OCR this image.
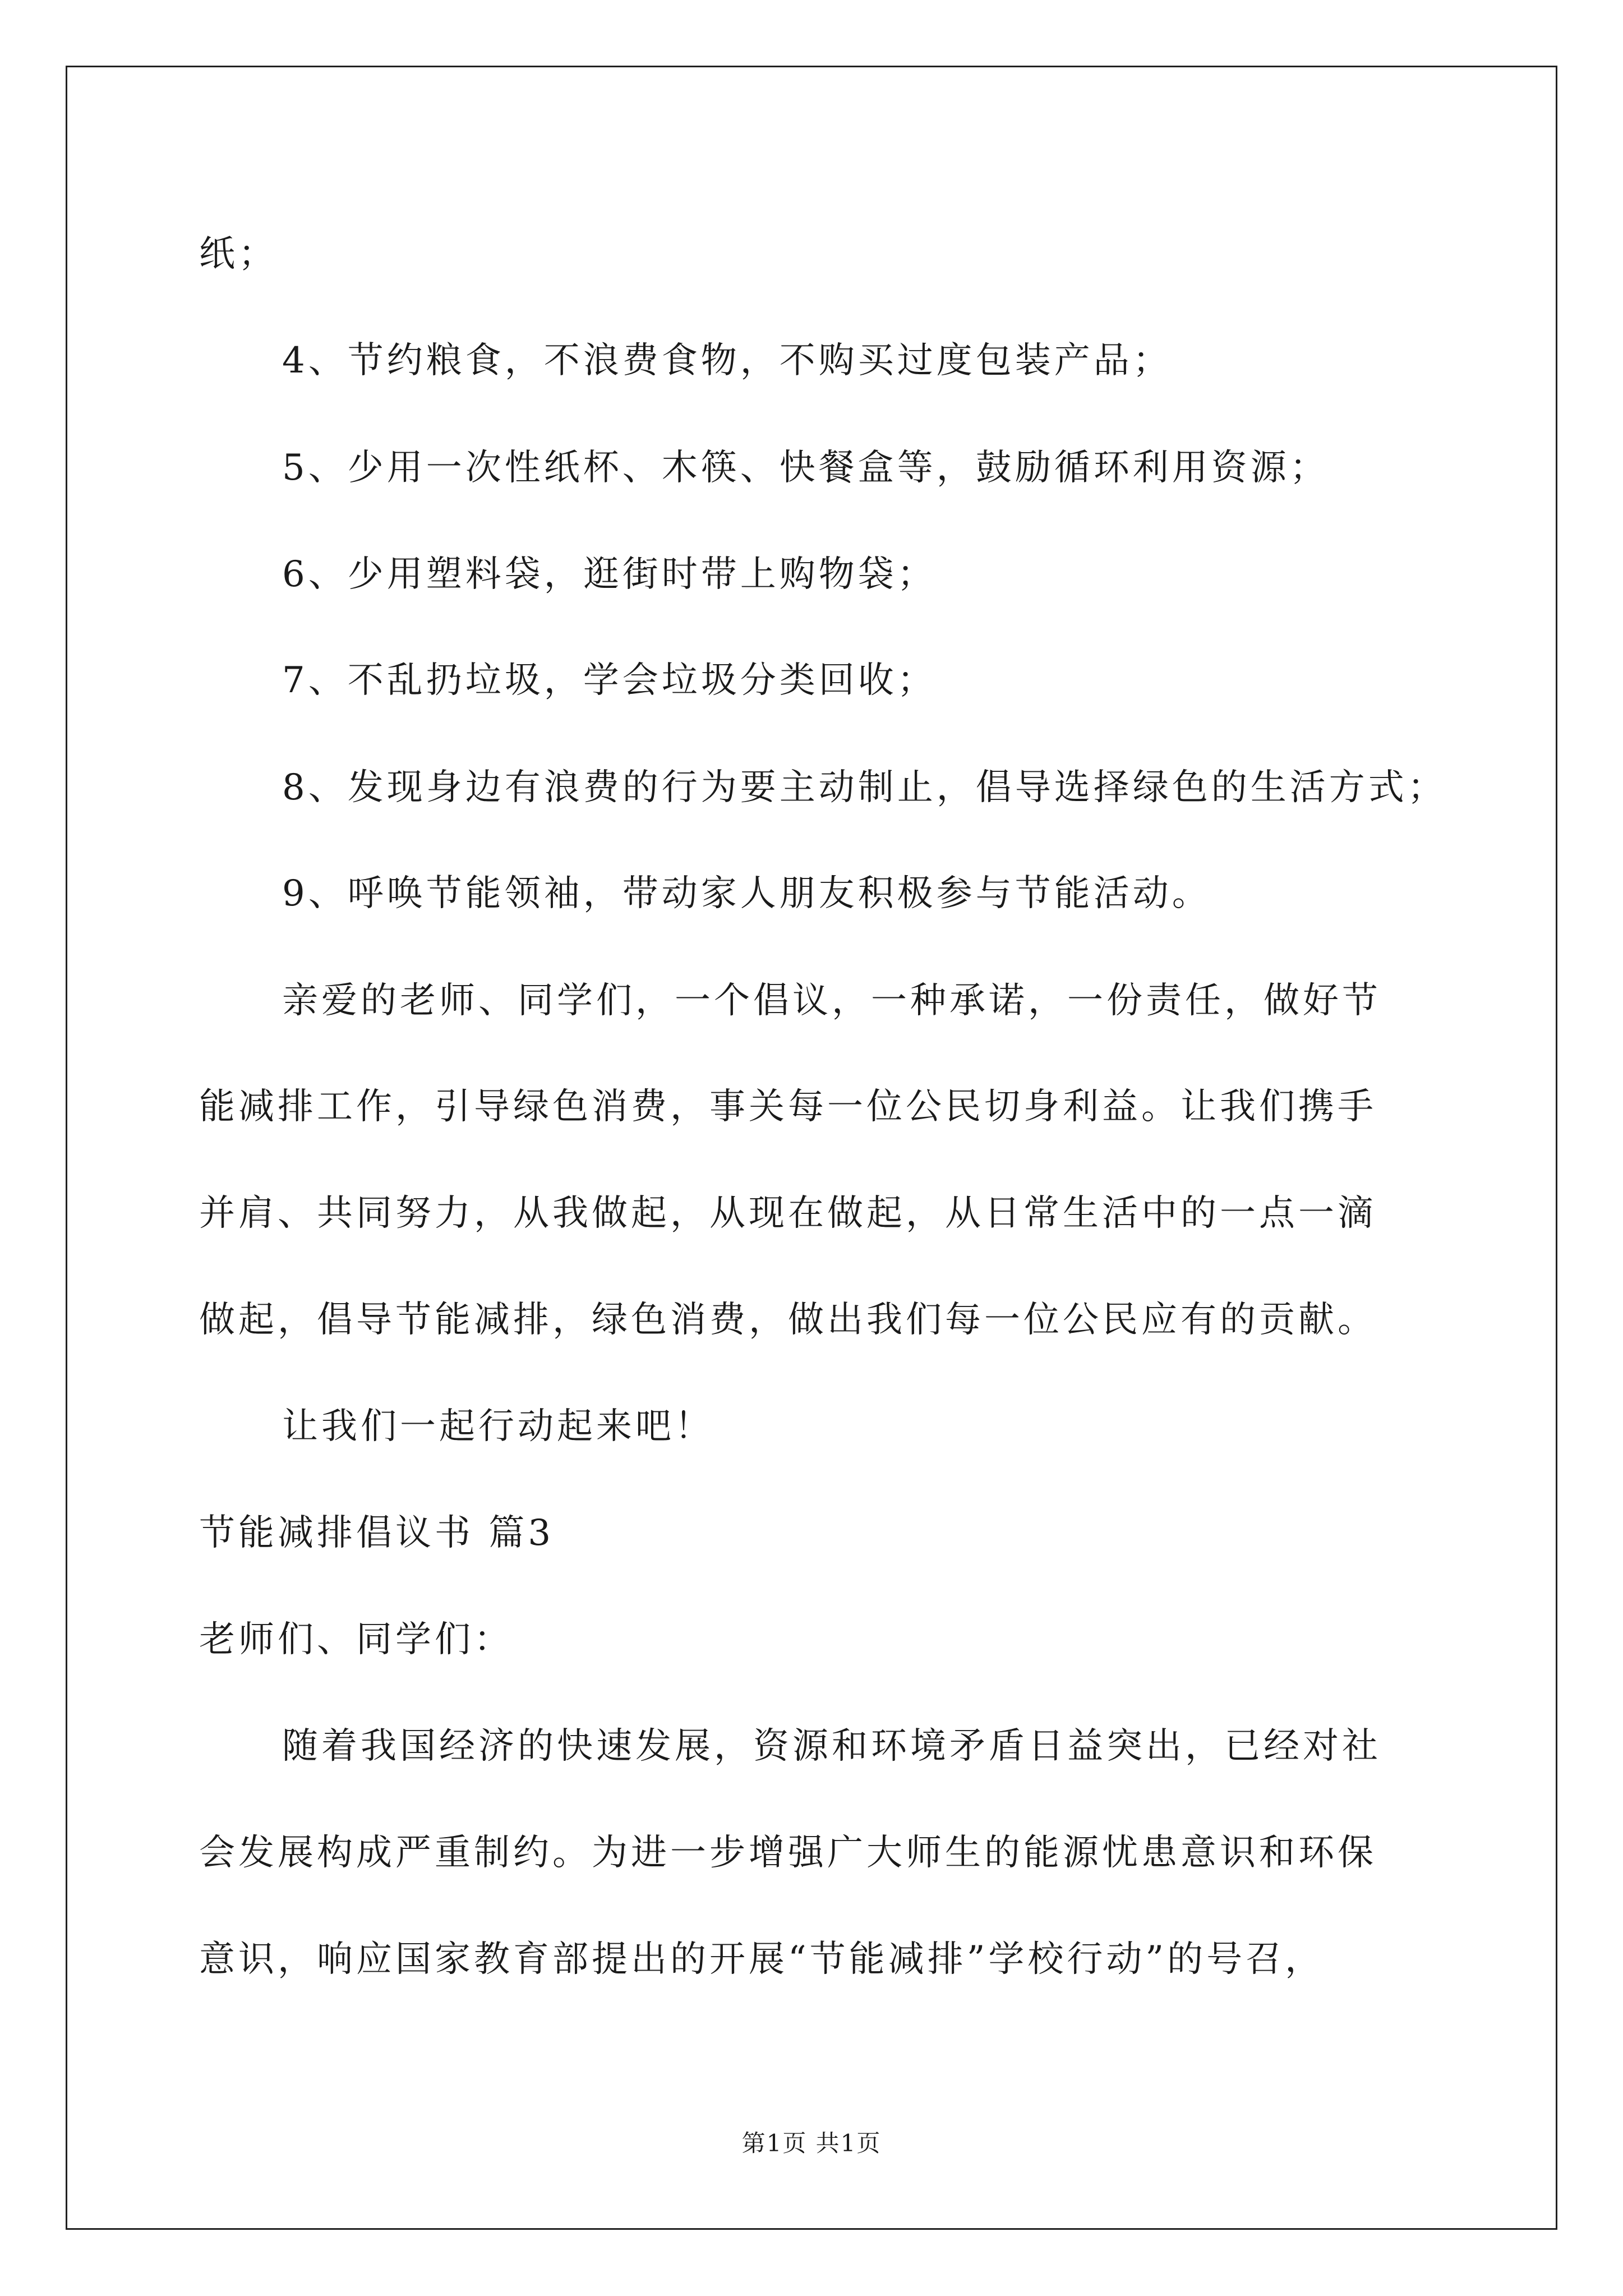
纸；
4、节约粮食，不浪费食物，不购买过度包装产品；
5、少用一次性纸杯、木筷、快餐盒等，鼓励循环利用资源；
6、少用塑料袋，逛街时带上购物袋；
7、不乱扔垃圾，学会垃圾分类回收；
8、发现身边有浪费的行为要主动制止，倡导选择绿色的生活方式；
9、呼唤节能领袖，带动家人朋友积极参与节能活动。
亲爱的老师、同学们，一个倡议，一种承诺，一份责任，做好节
能减排工作，引导绿色消费，事关每一位公民切身利益。让我们携手
并肩、共同努力，从我做起，从现在做起，从日常生活中的一点一滴
做起，倡导节能减排，绿色消费，做出我们每一位公民应有的贡献。
让我们一起行动起来吧！
节能减排倡议书 篇3
老师们、同学们：
随着我国经济的快速发展，资源和环境矛盾日益突出，已经对社
会发展构成严重制约。为进一步增强广大师生的能源忧患意识和环保
意识，响应国家教育部提出的开展“节能减排”学校行动”的号召，
第1页 共1页
